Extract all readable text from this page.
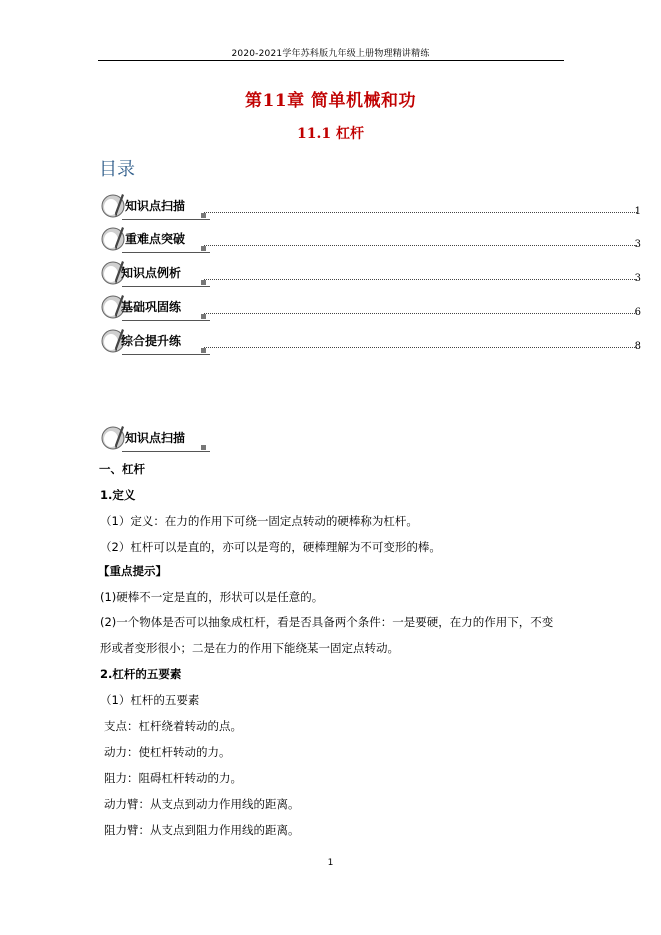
2020-2021学年苏科版九年级上册物理精讲精练
第11章 简单机械和功
11.1 杠杆
目录
知识点扫描	1
重难点突破	3
知识点例析	3
基础巩固练	6
综合提升练	8
知识点扫描
一、杠杆
1.定义
（1）定义：在力的作用下可绕一固定点转动的硬棒称为杠杆。
（2）杠杆可以是直的，亦可以是弯的，硬棒理解为不可变形的棒。
【重点提示】
(1)硬棒不一定是直的，形状可以是任意的。
(2)一个物体是否可以抽象成杠杆，看是否具备两个条件：一是要硬，在力的作用下，不变形或者变形很小；二是在力的作用下能绕某一固定点转动。
2.杠杆的五要素
（1）杠杆的五要素
支点：杠杆绕着转动的点。
动力：使杠杆转动的力。
阻力：阻碍杠杆转动的力。
动力臂：从支点到动力作用线的距离。
阻力臂：从支点到阻力作用线的距离。
1
